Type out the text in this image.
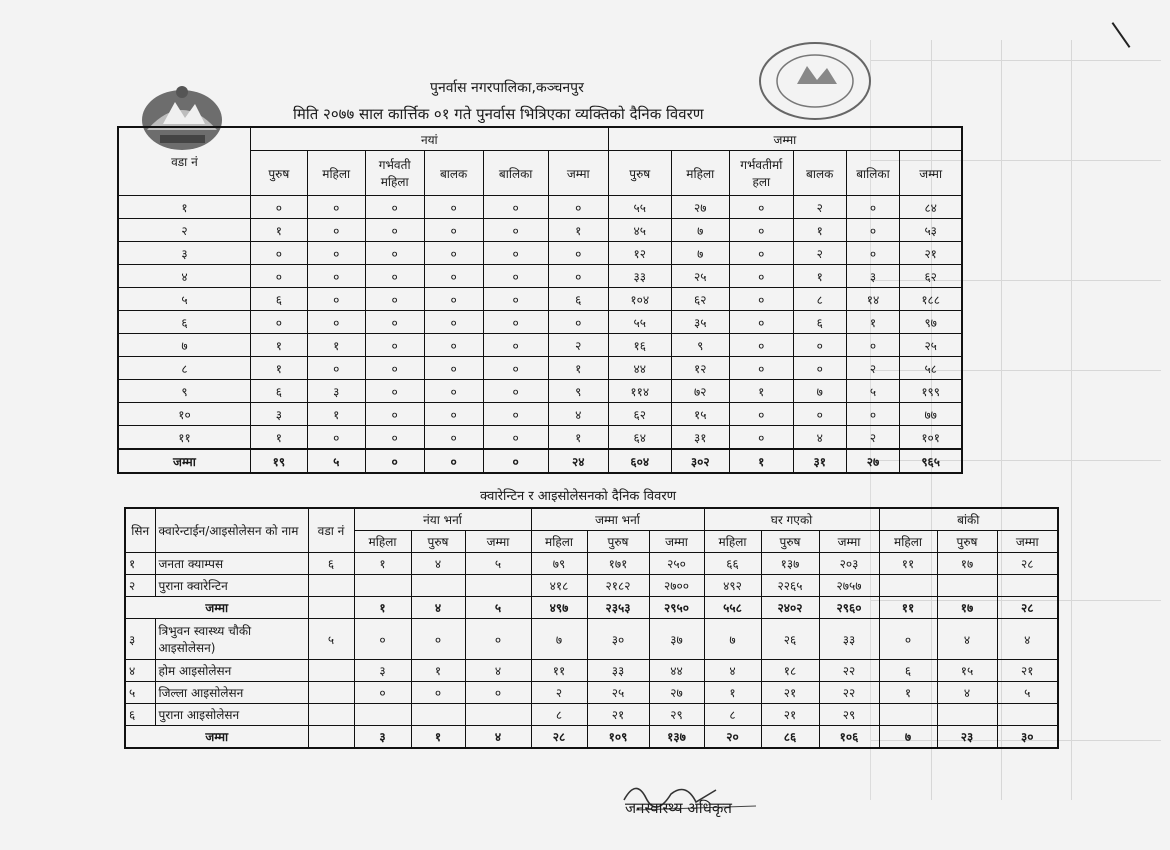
पुनर्वास नगरपालिका,कञ्चनपुर
मिति २०७७ साल कार्त्तिक ०१ गते पुनर्वास भित्रिएका व्यक्तिको दैनिक विवरण
वडा नं	नयां						जम्मा					
	पुरुष	महिला	गर्भवती महिला	बालक	बालिका	जम्मा	पुरुष	महिला	गर्भवतीर्मा हला	बालक	बालिका	जम्मा
१	०	०	०	०	०	०	५५	२७	०	२	०	८४
२	१	०	०	०	०	१	४५	७	०	१	०	५३
३	०	०	०	०	०	०	१२	७	०	२	०	२१
४	०	०	०	०	०	०	३३	२५	०	१	३	६२
५	६	०	०	०	०	६	१०४	६२	०	८	१४	१८८
६	०	०	०	०	०	०	५५	३५	०	६	१	९७
७	१	१	०	०	०	२	१६	९	०	०	०	२५
८	१	०	०	०	०	१	४४	१२	०	०	२	५८
९	६	३	०	०	०	९	११४	७२	१	७	५	१९९
१०	३	१	०	०	०	४	६२	१५	०	०	०	७७
११	१	०	०	०	०	१	६४	३१	०	४	२	१०१
जम्मा	१९	५	०	०	०	२४	६०४	३०२	१	३१	२७	९६५
क्वारेन्टिन र आइसोलेसनको दैनिक विवरण
सिन	क्वारेन्टाईन/आइसोलेसन को नाम	वडा नं	नंया भर्ना			जम्मा भर्ना			घर गएको			बांकी		
			महिला	पुरुष	जम्मा	महिला	पुरुष	जम्मा	महिला	पुरुष	जम्मा	महिला	पुरुष	जम्मा
१	जनता क्याम्पस	६	१	४	५	७९	१७१	२५०	६६	१३७	२०३	११	१७	२८
२	पुराना क्वारेन्टिन					४१८	२१८२	२७००	४९२	२२६५	२७५७			
जम्मा			१	४	५	४९७	२३५३	२९५०	५५८	२४०२	२९६०	११	१७	२८
३	त्रिभुवन स्वास्थ्य चौकी आइसोलेसन)	५	०	०	०	७	३०	३७	७	२६	३३	०	४	४
४	होम आइसोलेसन		३	१	४	११	३३	४४	४	१८	२२	६	१५	२१
५	जिल्ला आइसोलेसन		०	०	०	२	२५	२७	१	२१	२२	१	४	५
६	पुराना आइसोलेसन					८	२१	२९	८	२१	२९			
जम्मा			३	१	४	२८	१०९	१३७	२०	८६	१०६	७	२३	३०
जनस्वास्थ्य अधिकृत
